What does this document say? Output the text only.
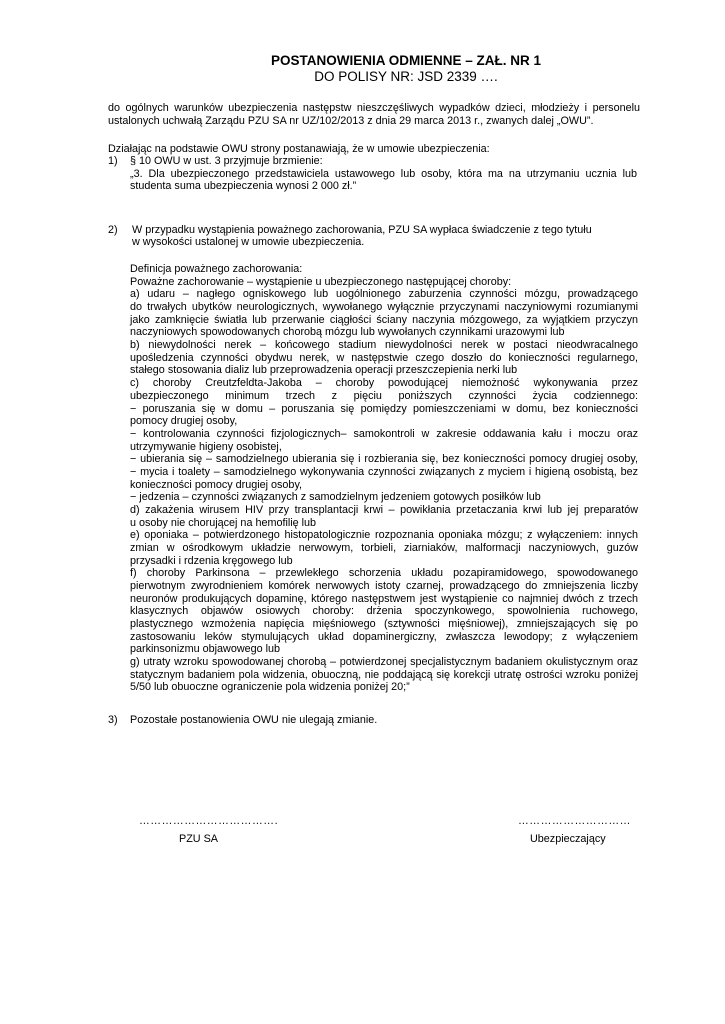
POSTANOWIENIA ODMIENNE – ZAŁ. NR 1
DO POLISY NR: JSD 2339 ….
do ogólnych warunków ubezpieczenia następstw nieszczęśliwych wypadków dzieci, młodzieży i personelu
ustalonych uchwałą Zarządu PZU SA nr UZ/102/2013 z dnia 29 marca 2013 r., zwanych dalej „OWU”.
Działając na podstawie OWU strony postanawiają, że w umowie ubezpieczenia:
1) § 10 OWU w ust. 3 przyjmuje brzmienie:
„3. Dla ubezpieczonego przedstawiciela ustawowego lub osoby, która ma na utrzymaniu ucznia lub
studenta suma ubezpieczenia wynosi 2 000 zł.”
2) W przypadku wystąpienia poważnego zachorowania, PZU SA wypłaca świadczenie z tego tytułu
w wysokości ustalonej w umowie ubezpieczenia.
Definicja poważnego zachorowania:
Poważne zachorowanie – wystąpienie u ubezpieczonego następującej choroby:
a) udaru – nagłego ogniskowego lub uogólnionego zaburzenia czynności mózgu, prowadzącego
do trwałych ubytków neurologicznych, wywołanego wyłącznie przyczynami naczyniowymi rozumianymi
jako zamknięcie światła lub przerwanie ciągłości ściany naczynia mózgowego, za wyjątkiem przyczyn
naczyniowych spowodowanych chorobą mózgu lub wywołanych czynnikami urazowymi lub
b) niewydolności nerek – końcowego stadium niewydolności nerek w postaci nieodwracalnego
upośledzenia czynności obydwu nerek, w następstwie czego doszło do konieczności regularnego,
stałego stosowania dializ lub przeprowadzenia operacji przeszczepienia nerki lub
c) choroby Creutzfeldta-Jakoba – choroby powodującej niemożność wykonywania przez
ubezpieczonego minimum trzech z pięciu poniższych czynności życia codziennego:
− poruszania się w domu – poruszania się pomiędzy pomieszczeniami w domu, bez konieczności
pomocy drugiej osoby,
− kontrolowania czynności fizjologicznych– samokontroli w zakresie oddawania kału i moczu oraz
utrzymywanie higieny osobistej,
− ubierania się – samodzielnego ubierania się i rozbierania się, bez konieczności pomocy drugiej osoby,
− mycia i toalety – samodzielnego wykonywania czynności związanych z myciem i higieną osobistą, bez
konieczności pomocy drugiej osoby,
− jedzenia – czynności związanych z samodzielnym jedzeniem gotowych posiłków lub
d) zakażenia wirusem HIV przy transplantacji krwi – powikłania przetaczania krwi lub jej preparatów
u osoby nie chorującej na hemofilię lub
e) oponiaka – potwierdzonego histopatologicznie rozpoznania oponiaka mózgu; z wyłączeniem: innych
zmian w ośrodkowym układzie nerwowym, torbieli, ziarniaków, malformacji naczyniowych, guzów
przysadki i rdzenia kręgowego lub
f) choroby Parkinsona – przewlekłego schorzenia układu pozapiramidowego, spowodowanego
pierwotnym zwyrodnieniem komórek nerwowych istoty czarnej, prowadzącego do zmniejszenia liczby
neuronów produkujących dopaminę, którego następstwem jest wystąpienie co najmniej dwóch z trzech
klasycznych objawów osiowych choroby: drżenia spoczynkowego, spowolnienia ruchowego,
plastycznego wzmożenia napięcia mięśniowego (sztywności mięśniowej), zmniejszających się po
zastosowaniu leków stymulujących układ dopaminergiczny, zwłaszcza lewodopy; z wyłączeniem
parkinsonizmu objawowego lub
g) utraty wzroku spowodowanej chorobą – potwierdzonej specjalistycznym badaniem okulistycznym oraz
statycznym badaniem pola widzenia, obuoczną, nie poddającą się korekcji utratę ostrości wzroku poniżej
5/50 lub obuoczne ograniczenie pola widzenia poniżej 20;”
3) Pozostałe postanowienia OWU nie ulegają zmianie.
……………………………….
PZU SA
…………………………
Ubezpieczający
